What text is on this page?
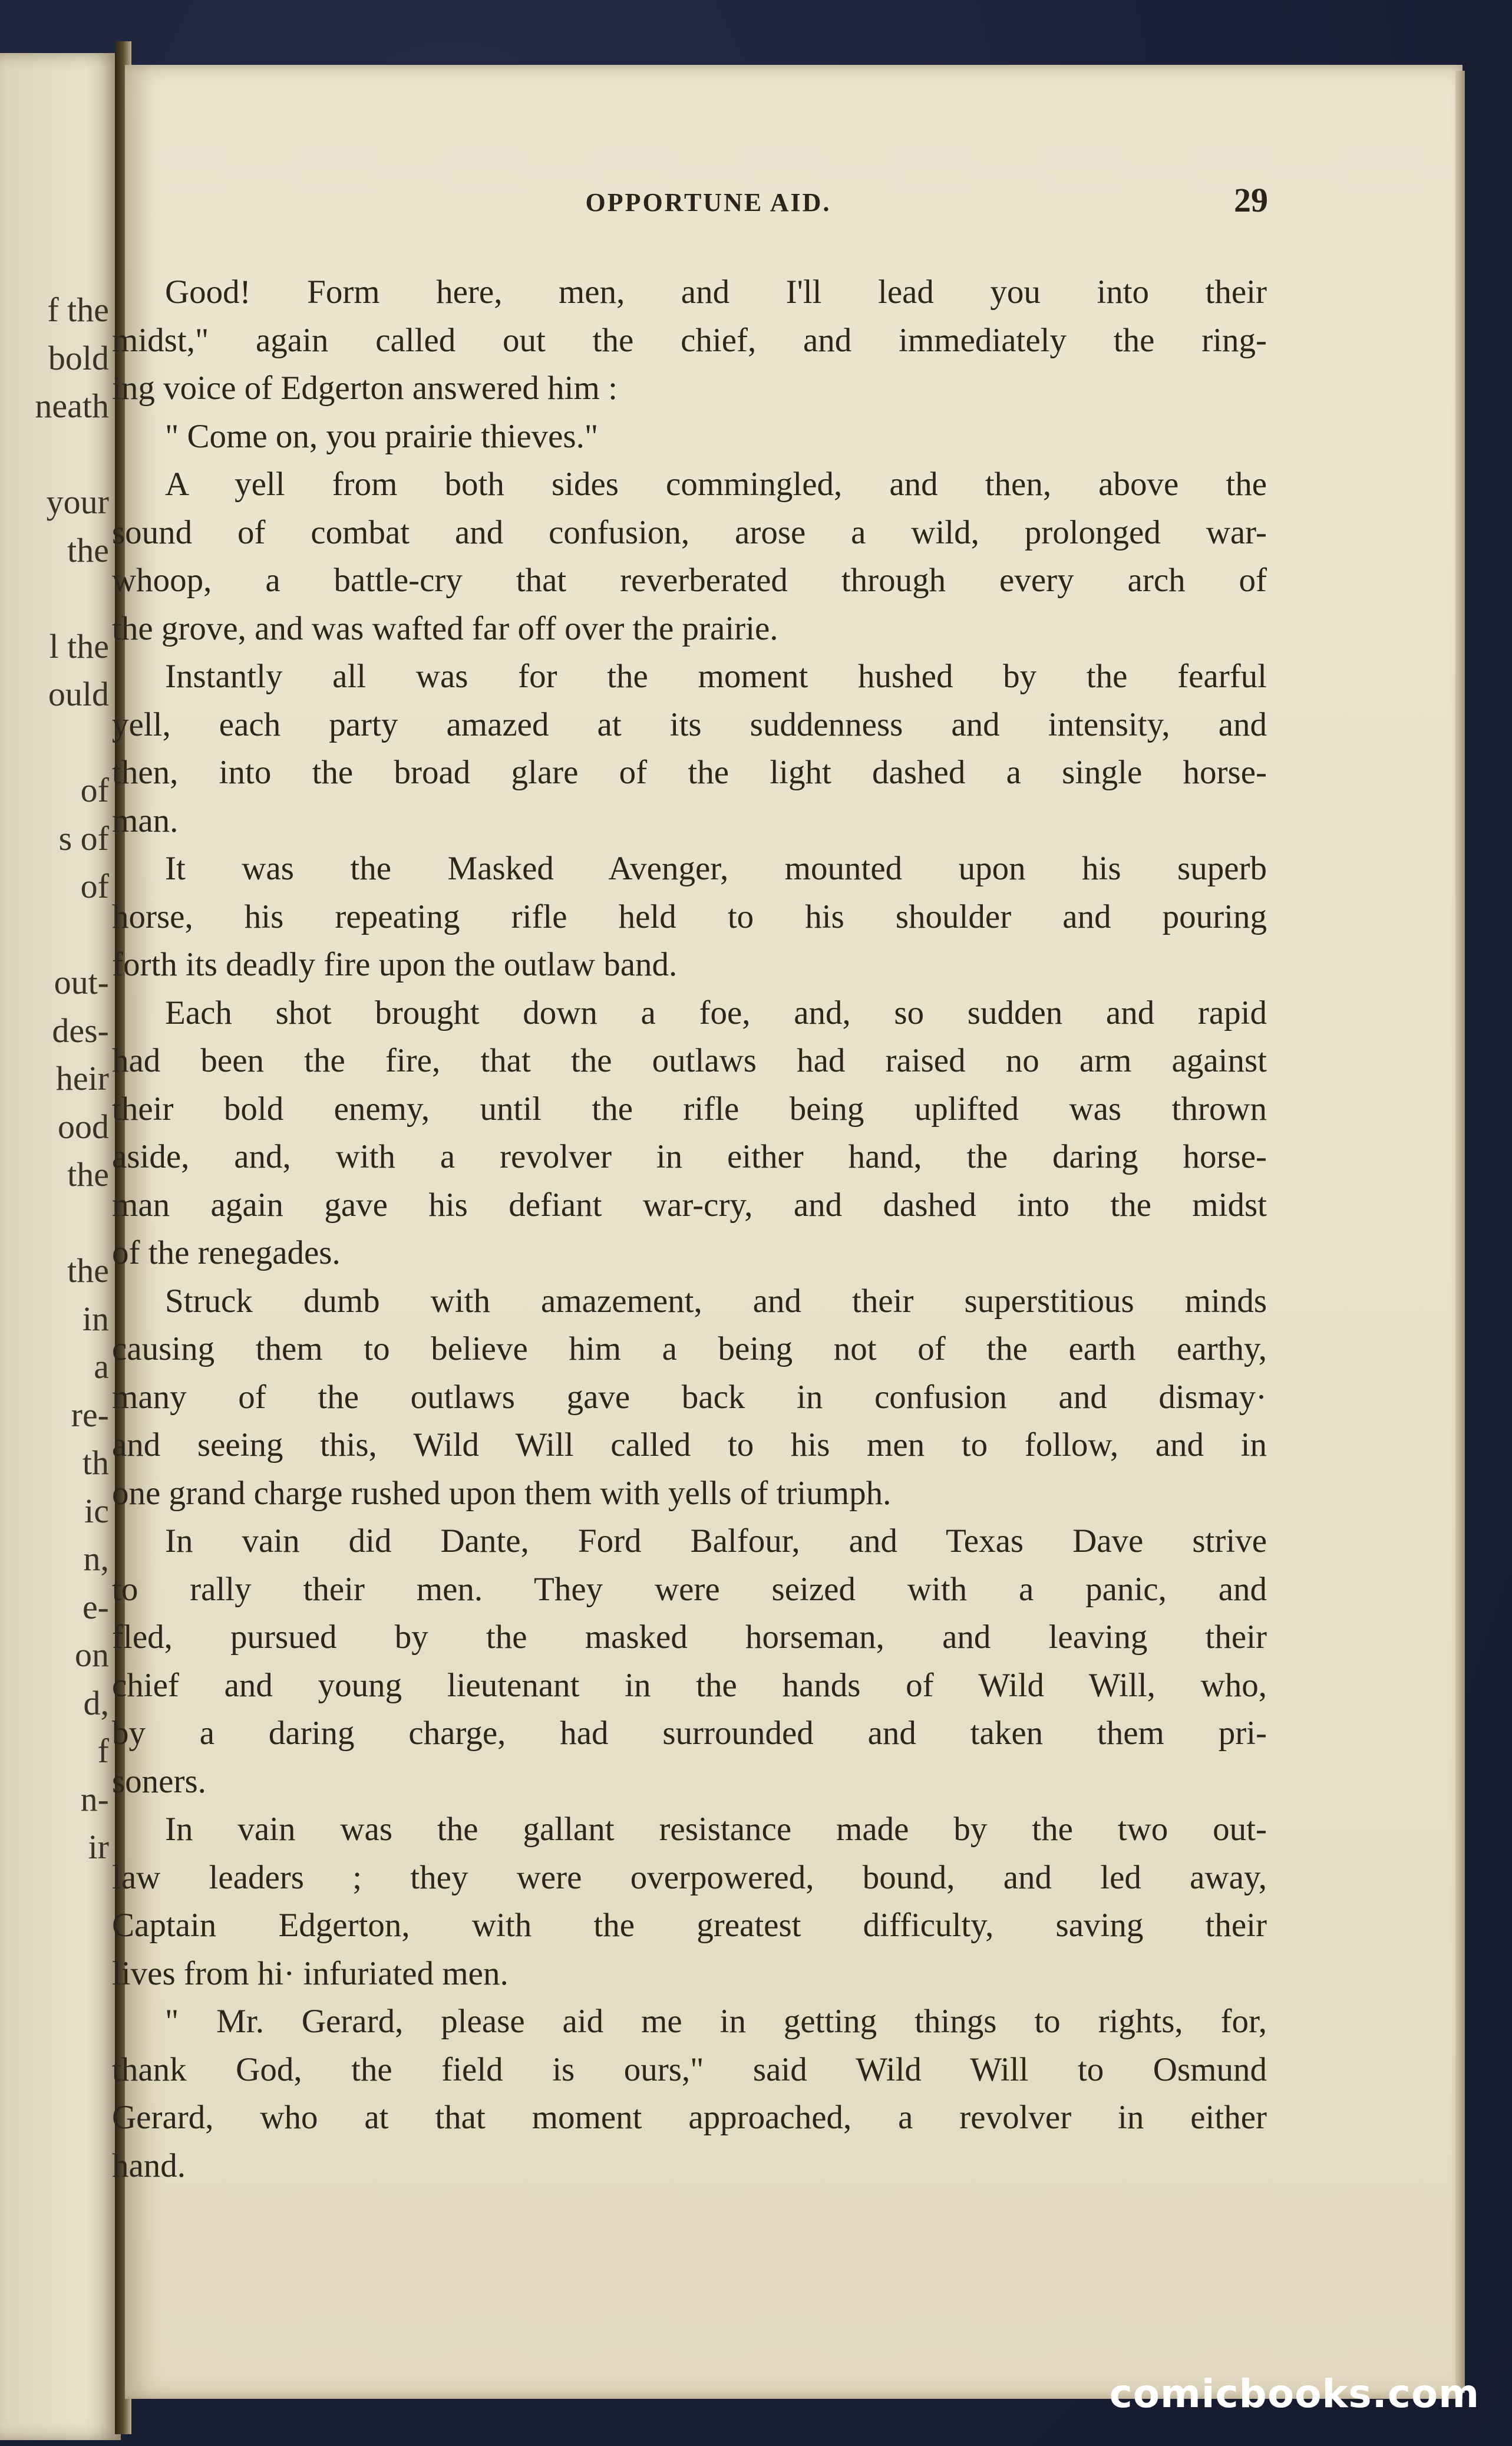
f the
bold
neath
your
the
l the
ould
of
s of
of
out-
des-
heir
ood
the
the
in
a
re-
th
ic
n,
e-
on
d,
f
n-
ir
OPPORTUNE AID.	29
Good! Form here, men, and I'll lead you into their
midst," again called out the chief, and immediately the ring-
ing voice of Edgerton answered him :
" Come on, you prairie thieves."
A yell from both sides commingled, and then, above the
sound of combat and confusion, arose a wild, prolonged war-
whoop, a battle-cry that reverberated through every arch of
the grove, and was wafted far off over the prairie.
Instantly all was for the moment hushed by the fearful
yell, each party amazed at its suddenness and intensity, and
then, into the broad glare of the light dashed a single horse-
man.
It was the Masked Avenger, mounted upon his superb
horse, his repeating rifle held to his shoulder and pouring
forth its deadly fire upon the outlaw band.
Each shot brought down a foe, and, so sudden and rapid
had been the fire, that the outlaws had raised no arm against
their bold enemy, until the rifle being uplifted was thrown
aside, and, with a revolver in either hand, the daring horse-
man again gave his defiant war-cry, and dashed into the midst
of the renegades.
Struck dumb with amazement, and their superstitious minds
causing them to believe him a being not of the earth earthy,
many of the outlaws gave back in confusion and dismay·
and seeing this, Wild Will called to his men to follow, and in
one grand charge rushed upon them with yells of triumph.
In vain did Dante, Ford Balfour, and Texas Dave strive
to rally their men. They were seized with a panic, and
fled, pursued by the masked horseman, and leaving their
chief and young lieutenant in the hands of Wild Will, who,
by a daring charge, had surrounded and taken them pri-
soners.
In vain was the gallant resistance made by the two out-
law leaders ; they were overpowered, bound, and led away,
Captain Edgerton, with the greatest difficulty, saving their
lives from hi· infuriated men.
" Mr. Gerard, please aid me in getting things to rights, for,
thank God, the field is ours," said Wild Will to Osmund
Gerard, who at that moment approached, a revolver in either
hand.
comicbooks.com
